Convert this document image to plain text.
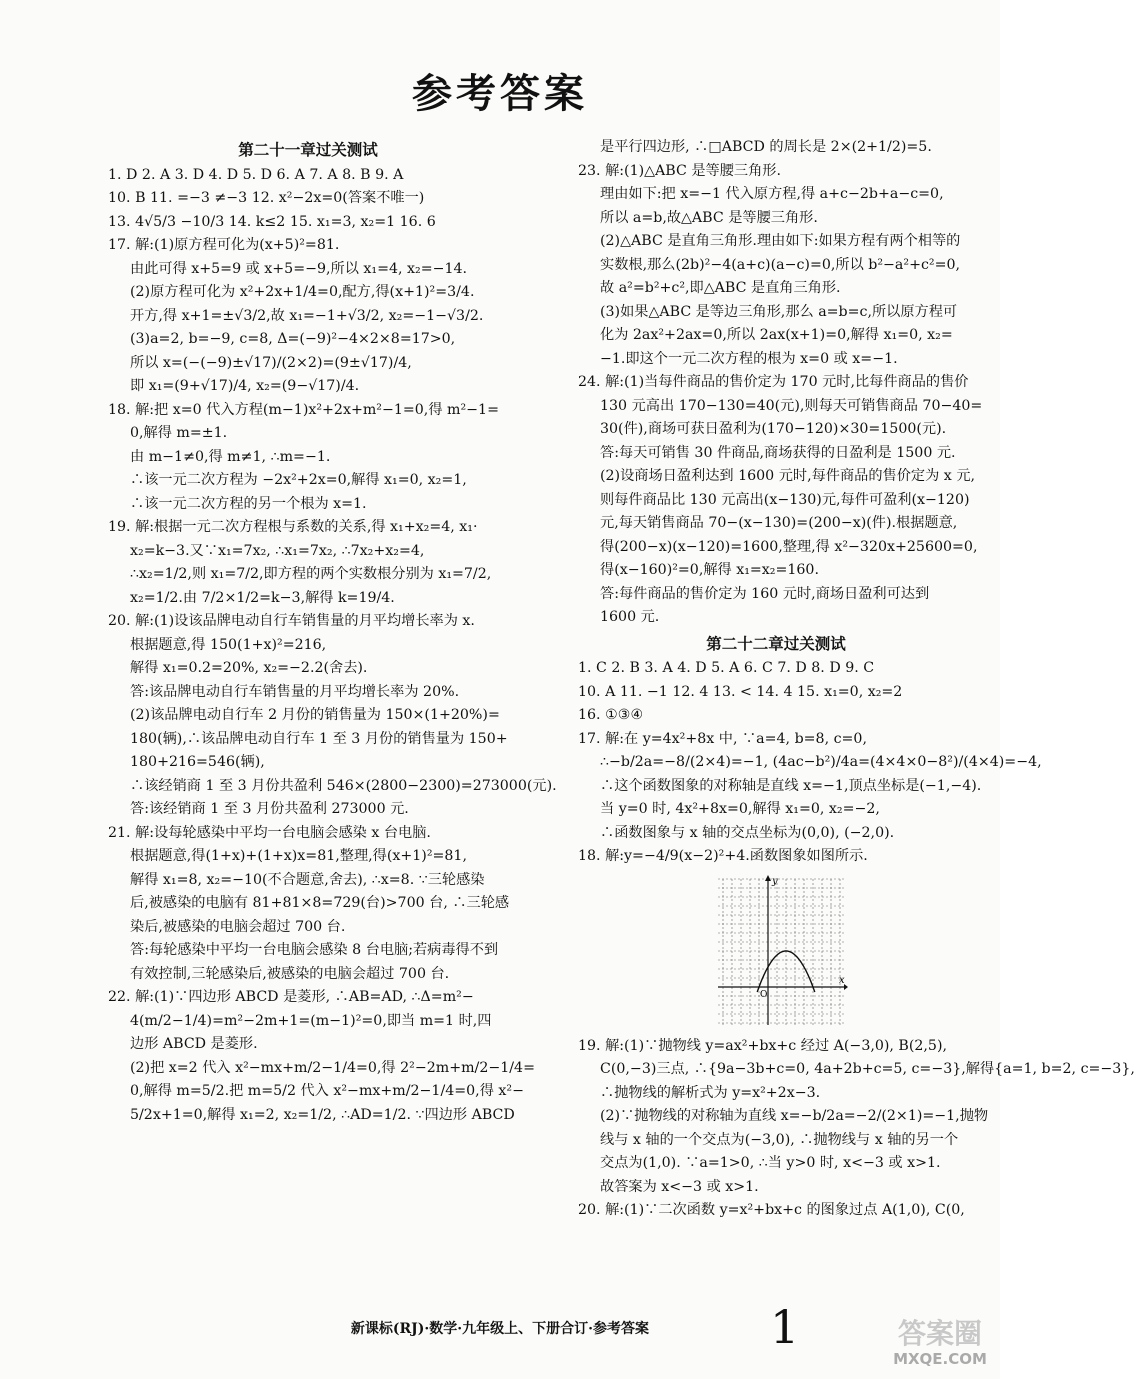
参考答案
第二十一章过关测试
1. D 2. A 3. D 4. D 5. D 6. A 7. A 8. B 9. A
10. B 11. =−3 ≠−3 12. x²−2x=0(答案不唯一)
13. 4√5/3 −10/3 14. k≤2 15. x₁=3, x₂=1 16. 6
17. 解:(1)原方程可化为(x+5)²=81.
由此可得 x+5=9 或 x+5=−9,所以 x₁=4, x₂=−14.
(2)原方程可化为 x²+2x+1/4=0,配方,得(x+1)²=3/4.
开方,得 x+1=±√3/2,故 x₁=−1+√3/2, x₂=−1−√3/2.
(3)a=2, b=−9, c=8, Δ=(−9)²−4×2×8=17>0,
所以 x=(−(−9)±√17)/(2×2)=(9±√17)/4,
即 x₁=(9+√17)/4, x₂=(9−√17)/4.
18. 解:把 x=0 代入方程(m−1)x²+2x+m²−1=0,得 m²−1=
0,解得 m=±1.
由 m−1≠0,得 m≠1, ∴m=−1.
∴该一元二次方程为 −2x²+2x=0,解得 x₁=0, x₂=1,
∴该一元二次方程的另一个根为 x=1.
19. 解:根据一元二次方程根与系数的关系,得 x₁+x₂=4, x₁·
x₂=k−3.又∵x₁=7x₂, ∴x₁=7x₂, ∴7x₂+x₂=4,
∴x₂=1/2,则 x₁=7/2,即方程的两个实数根分别为 x₁=7/2,
x₂=1/2.由 7/2×1/2=k−3,解得 k=19/4.
20. 解:(1)设该品牌电动自行车销售量的月平均增长率为 x.
根据题意,得 150(1+x)²=216,
解得 x₁=0.2=20%, x₂=−2.2(舍去).
答:该品牌电动自行车销售量的月平均增长率为 20%.
(2)该品牌电动自行车 2 月份的销售量为 150×(1+20%)=
180(辆),∴该品牌电动自行车 1 至 3 月份的销售量为 150+
180+216=546(辆),
∴该经销商 1 至 3 月份共盈利 546×(2800−2300)=273000(元).
答:该经销商 1 至 3 月份共盈利 273000 元.
21. 解:设每轮感染中平均一台电脑会感染 x 台电脑.
根据题意,得(1+x)+(1+x)x=81,整理,得(x+1)²=81,
解得 x₁=8, x₂=−10(不合题意,舍去), ∴x=8. ∵三轮感染
后,被感染的电脑有 81+81×8=729(台)>700 台, ∴三轮感
染后,被感染的电脑会超过 700 台.
答:每轮感染中平均一台电脑会感染 8 台电脑;若病毒得不到
有效控制,三轮感染后,被感染的电脑会超过 700 台.
22. 解:(1)∵四边形 ABCD 是菱形, ∴AB=AD, ∴Δ=m²−
4(m/2−1/4)=m²−2m+1=(m−1)²=0,即当 m=1 时,四
边形 ABCD 是菱形.
(2)把 x=2 代入 x²−mx+m/2−1/4=0,得 2²−2m+m/2−1/4=
0,解得 m=5/2.把 m=5/2 代入 x²−mx+m/2−1/4=0,得 x²−
5/2x+1=0,解得 x₁=2, x₂=1/2, ∴AD=1/2. ∵四边形 ABCD
是平行四边形, ∴□ABCD 的周长是 2×(2+1/2)=5.
23. 解:(1)△ABC 是等腰三角形.
理由如下:把 x=−1 代入原方程,得 a+c−2b+a−c=0,
所以 a=b,故△ABC 是等腰三角形.
(2)△ABC 是直角三角形.理由如下:如果方程有两个相等的
实数根,那么(2b)²−4(a+c)(a−c)=0,所以 b²−a²+c²=0,
故 a²=b²+c²,即△ABC 是直角三角形.
(3)如果△ABC 是等边三角形,那么 a=b=c,所以原方程可
化为 2ax²+2ax=0,所以 2ax(x+1)=0,解得 x₁=0, x₂=
−1.即这个一元二次方程的根为 x=0 或 x=−1.
24. 解:(1)当每件商品的售价定为 170 元时,比每件商品的售价
130 元高出 170−130=40(元),则每天可销售商品 70−40=
30(件),商场可获日盈利为(170−120)×30=1500(元).
答:每天可销售 30 件商品,商场获得的日盈利是 1500 元.
(2)设商场日盈利达到 1600 元时,每件商品的售价定为 x 元,
则每件商品比 130 元高出(x−130)元,每件可盈利(x−120)
元,每天销售商品 70−(x−130)=(200−x)(件).根据题意,
得(200−x)(x−120)=1600,整理,得 x²−320x+25600=0,
得(x−160)²=0,解得 x₁=x₂=160.
答:每件商品的售价定为 160 元时,商场日盈利可达到
1600 元.
第二十二章过关测试
1. C 2. B 3. A 4. D 5. A 6. C 7. D 8. D 9. C
10. A 11. −1 12. 4 13. < 14. 4 15. x₁=0, x₂=2
16. ①③④
17. 解:在 y=4x²+8x 中, ∵a=4, b=8, c=0,
∴−b/2a=−8/(2×4)=−1, (4ac−b²)/4a=(4×4×0−8²)/(4×4)=−4,
∴这个函数图象的对称轴是直线 x=−1,顶点坐标是(−1,−4).
当 y=0 时, 4x²+8x=0,解得 x₁=0, x₂=−2,
∴函数图象与 x 轴的交点坐标为(0,0), (−2,0).
18. 解:y=−4/9(x−2)²+4.函数图象如图所示.
x
y
O
19. 解:(1)∵抛物线 y=ax²+bx+c 经过 A(−3,0), B(2,5),
C(0,−3)三点, ∴{9a−3b+c=0, 4a+2b+c=5, c=−3},解得{a=1, b=2, c=−3},
∴抛物线的解析式为 y=x²+2x−3.
(2)∵抛物线的对称轴为直线 x=−b/2a=−2/(2×1)=−1,抛物
线与 x 轴的一个交点为(−3,0), ∴抛物线与 x 轴的另一个
交点为(1,0). ∵a=1>0, ∴当 y>0 时, x<−3 或 x>1.
故答案为 x<−3 或 x>1.
20. 解:(1)∵二次函数 y=x²+bx+c 的图象过点 A(1,0), C(0,
1
新课标(RJ)·数学·九年级上、下册合订·参考答案	答案圈
MXQE.COM
